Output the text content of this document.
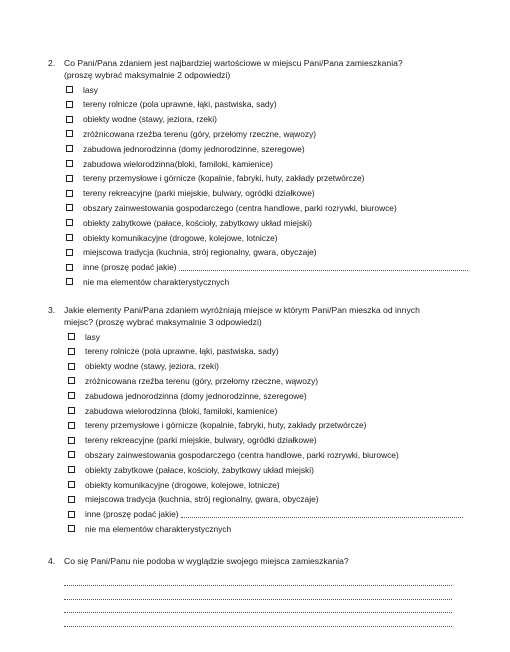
2.	Co Pani/Pana zdaniem jest najbardziej wartościowe w miejscu Pani/Pana zamieszkania?
(proszę wybrać maksymalnie 2 odpowiedzi)
lasy
tereny rolnicze (pola uprawne, łąki, pastwiska, sady)
obiekty wodne (stawy, jeziora, rzeki)
zróżnicowana rzeźba terenu (góry, przełomy rzeczne, wąwozy)
zabudowa jednorodzinna (domy jednorodzinne, szeregowe)
zabudowa wielorodzinna(bloki, familoki, kamienice)
tereny przemysłowe i górnicze (kopalnie, fabryki, huty, zakłady przetwórcze)
tereny rekreacyjne (parki miejskie, bulwary, ogródki działkowe)
obszary zainwestowania gospodarczego (centra handlowe, parki rozrywki, biurowce)
obiekty zabytkowe (pałace, kościoły, zabytkowy układ miejski)
obiekty komunikacyjne (drogowe, kolejowe, lotnicze)
miejscowa tradycja (kuchnia, strój regionalny, gwara, obyczaje)
inne (proszę podać jakie)
nie ma elementów charakterystycznych
3.	Jakie elementy Pani/Pana zdaniem wyróżniają miejsce w którym Pani/Pan mieszka od innych
miejsc? (proszę wybrać maksymalnie 3 odpowiedzi)
lasy
tereny rolnicze (pola uprawne, łąki, pastwiska, sady)
obiekty wodne (stawy, jeziora, rzeki)
zróżnicowana rzeźba terenu (góry, przełomy rzeczne, wąwozy)
zabudowa jednorodzinna (domy jednorodzinne, szeregowe)
zabudowa wielorodzinna (bloki, familoki, kamienice)
tereny przemysłowe i górnicze (kopalnie, fabryki, huty, zakłady przetwórcze)
tereny rekreacyjne (parki miejskie, bulwary, ogródki działkowe)
obszary zainwestowania gospodarczego (centra handlowe, parki rozrywki, biurowce)
obiekty zabytkowe (pałace, kościoły, zabytkowy układ miejski)
obiekty komunikacyjne (drogowe, kolejowe, lotnicze)
miejscowa tradycja (kuchnia, strój regionalny, gwara, obyczaje)
inne (proszę podać jakie)
nie ma elementów charakterystycznych
4.	Co się Pani/Panu nie podoba w wyglądzie swojego miejsca zamieszkania?
